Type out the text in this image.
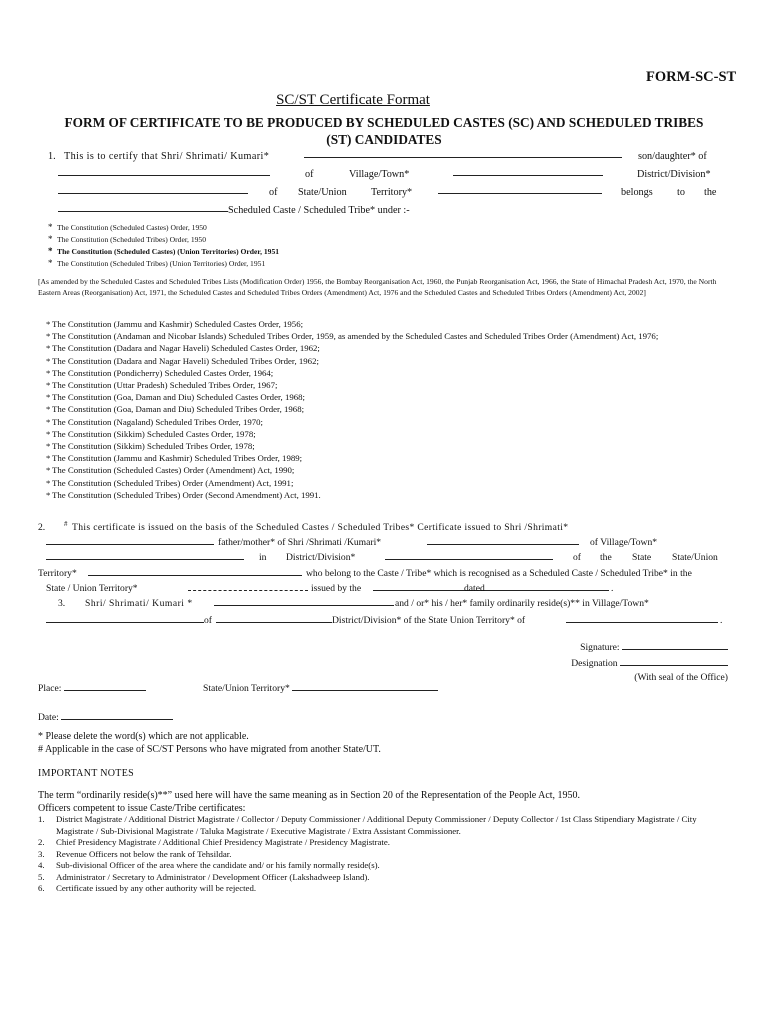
FORM-SC-ST
SC/ST Certificate Format
FORM OF CERTIFICATE TO BE PRODUCED BY SCHEDULED CASTES (SC) AND SCHEDULED TRIBES (ST) CANDIDATES
1. This is to certify that Shri/ Shrimati/ Kumari*	son/daughter* of
of	Village/Town*	District/Division*
of State/Union Territory*	belongs to the
Scheduled Caste / Scheduled Tribe* under :-
* The Constitution (Scheduled Castes) Order, 1950
* The Constitution (Scheduled Tribes) Order, 1950
* The Constitution (Scheduled Castes) (Union Territories) Order, 1951
* The Constitution (Scheduled Tribes) (Union Territories) Order, 1951
[As amended by the Scheduled Castes and Scheduled Tribes Lists (Modification Order) 1956, the Bombay Reorganisation Act, 1960, the Punjab Reorganisation Act, 1966, the State of Himachal Pradesh Act, 1970, the North Eastern Areas (Reorganisation) Act, 1971, the Scheduled Castes and Scheduled Tribes Orders (Amendment) Act, 1976 and the Scheduled Castes and Scheduled Tribes Orders (Amendment) Act, 2002]
* The Constitution (Jammu and Kashmir) Scheduled Castes Order, 1956;
* The Constitution (Andaman and Nicobar Islands) Scheduled Tribes Order, 1959, as amended by the Scheduled Castes and Scheduled Tribes Order (Amendment) Act, 1976;
* The Constitution (Dadara and Nagar Haveli) Scheduled Castes Order, 1962;
* The Constitution (Dadara and Nagar Haveli) Scheduled Tribes Order, 1962;
* The Constitution (Pondicherry) Scheduled Castes Order, 1964;
* The Constitution (Uttar Pradesh) Scheduled Tribes Order, 1967;
* The Constitution (Goa, Daman and Diu) Scheduled Castes Order, 1968;
* The Constitution (Goa, Daman and Diu) Scheduled Tribes Order, 1968;
* The Constitution (Nagaland) Scheduled Tribes Order, 1970;
* The Constitution (Sikkim) Scheduled Castes Order, 1978;
* The Constitution (Sikkim) Scheduled Tribes Order, 1978;
* The Constitution (Jammu and Kashmir) Scheduled Tribes Order, 1989;
* The Constitution (Scheduled Castes) Order (Amendment) Act, 1990;
* The Constitution (Scheduled Tribes) Order (Amendment) Act, 1991;
* The Constitution (Scheduled Tribes) Order (Second Amendment) Act, 1991.
2.	# This certificate is issued on the basis of the Scheduled Castes / Scheduled Tribes* Certificate issued to Shri /Shrimati*
father/mother* of Shri /Shrimati /Kumari*	of Village/Town*
in District/Division*	of the State State/Union
Territory*	who belong to the Caste / Tribe* which is recognised as a Scheduled Caste / Scheduled Tribe* in the
State / Union Territory*	issued by the	dated	.
3. Shri/ Shrimati/ Kumari *	and / or* his / her* family ordinarily reside(s)** in Village/Town*
of	District/Division* of the State Union Territory* of	.
Signature:
Designation
(With seal of the Office)
Place:	State/Union Territory*
Date:

* Please delete the word(s) which are not applicable.

# Applicable in the case of SC/ST Persons who have migrated from another State/UT.

IMPORTANT NOTES

The term “ordinarily reside(s)**” used here will have the same meaning as in Section 20 of the Representation of the People Act, 1950.

Officers competent to issue Caste/Tribe certificates:

1.	District Magistrate / Additional District Magistrate / Collector / Deputy Commissioner / Additional Deputy Commissioner / Deputy Collector / 1st Class Stipendiary Magistrate / City Magistrate / Sub-Divisional Magistrate / Taluka Magistrate / Executive Magistrate / Extra Assistant Commissioner.
2.	Chief Presidency Magistrate / Additional Chief Presidency Magistrate / Presidency Magistrate.
3.	Revenue Officers not below the rank of Tehsildar.
4.	Sub-divisional Officer of the area where the candidate and/ or his family normally reside(s).
5.	Administrator / Secretary to Administrator / Development Officer (Lakshadweep Island).
6.	Certificate issued by any other authority will be rejected.
